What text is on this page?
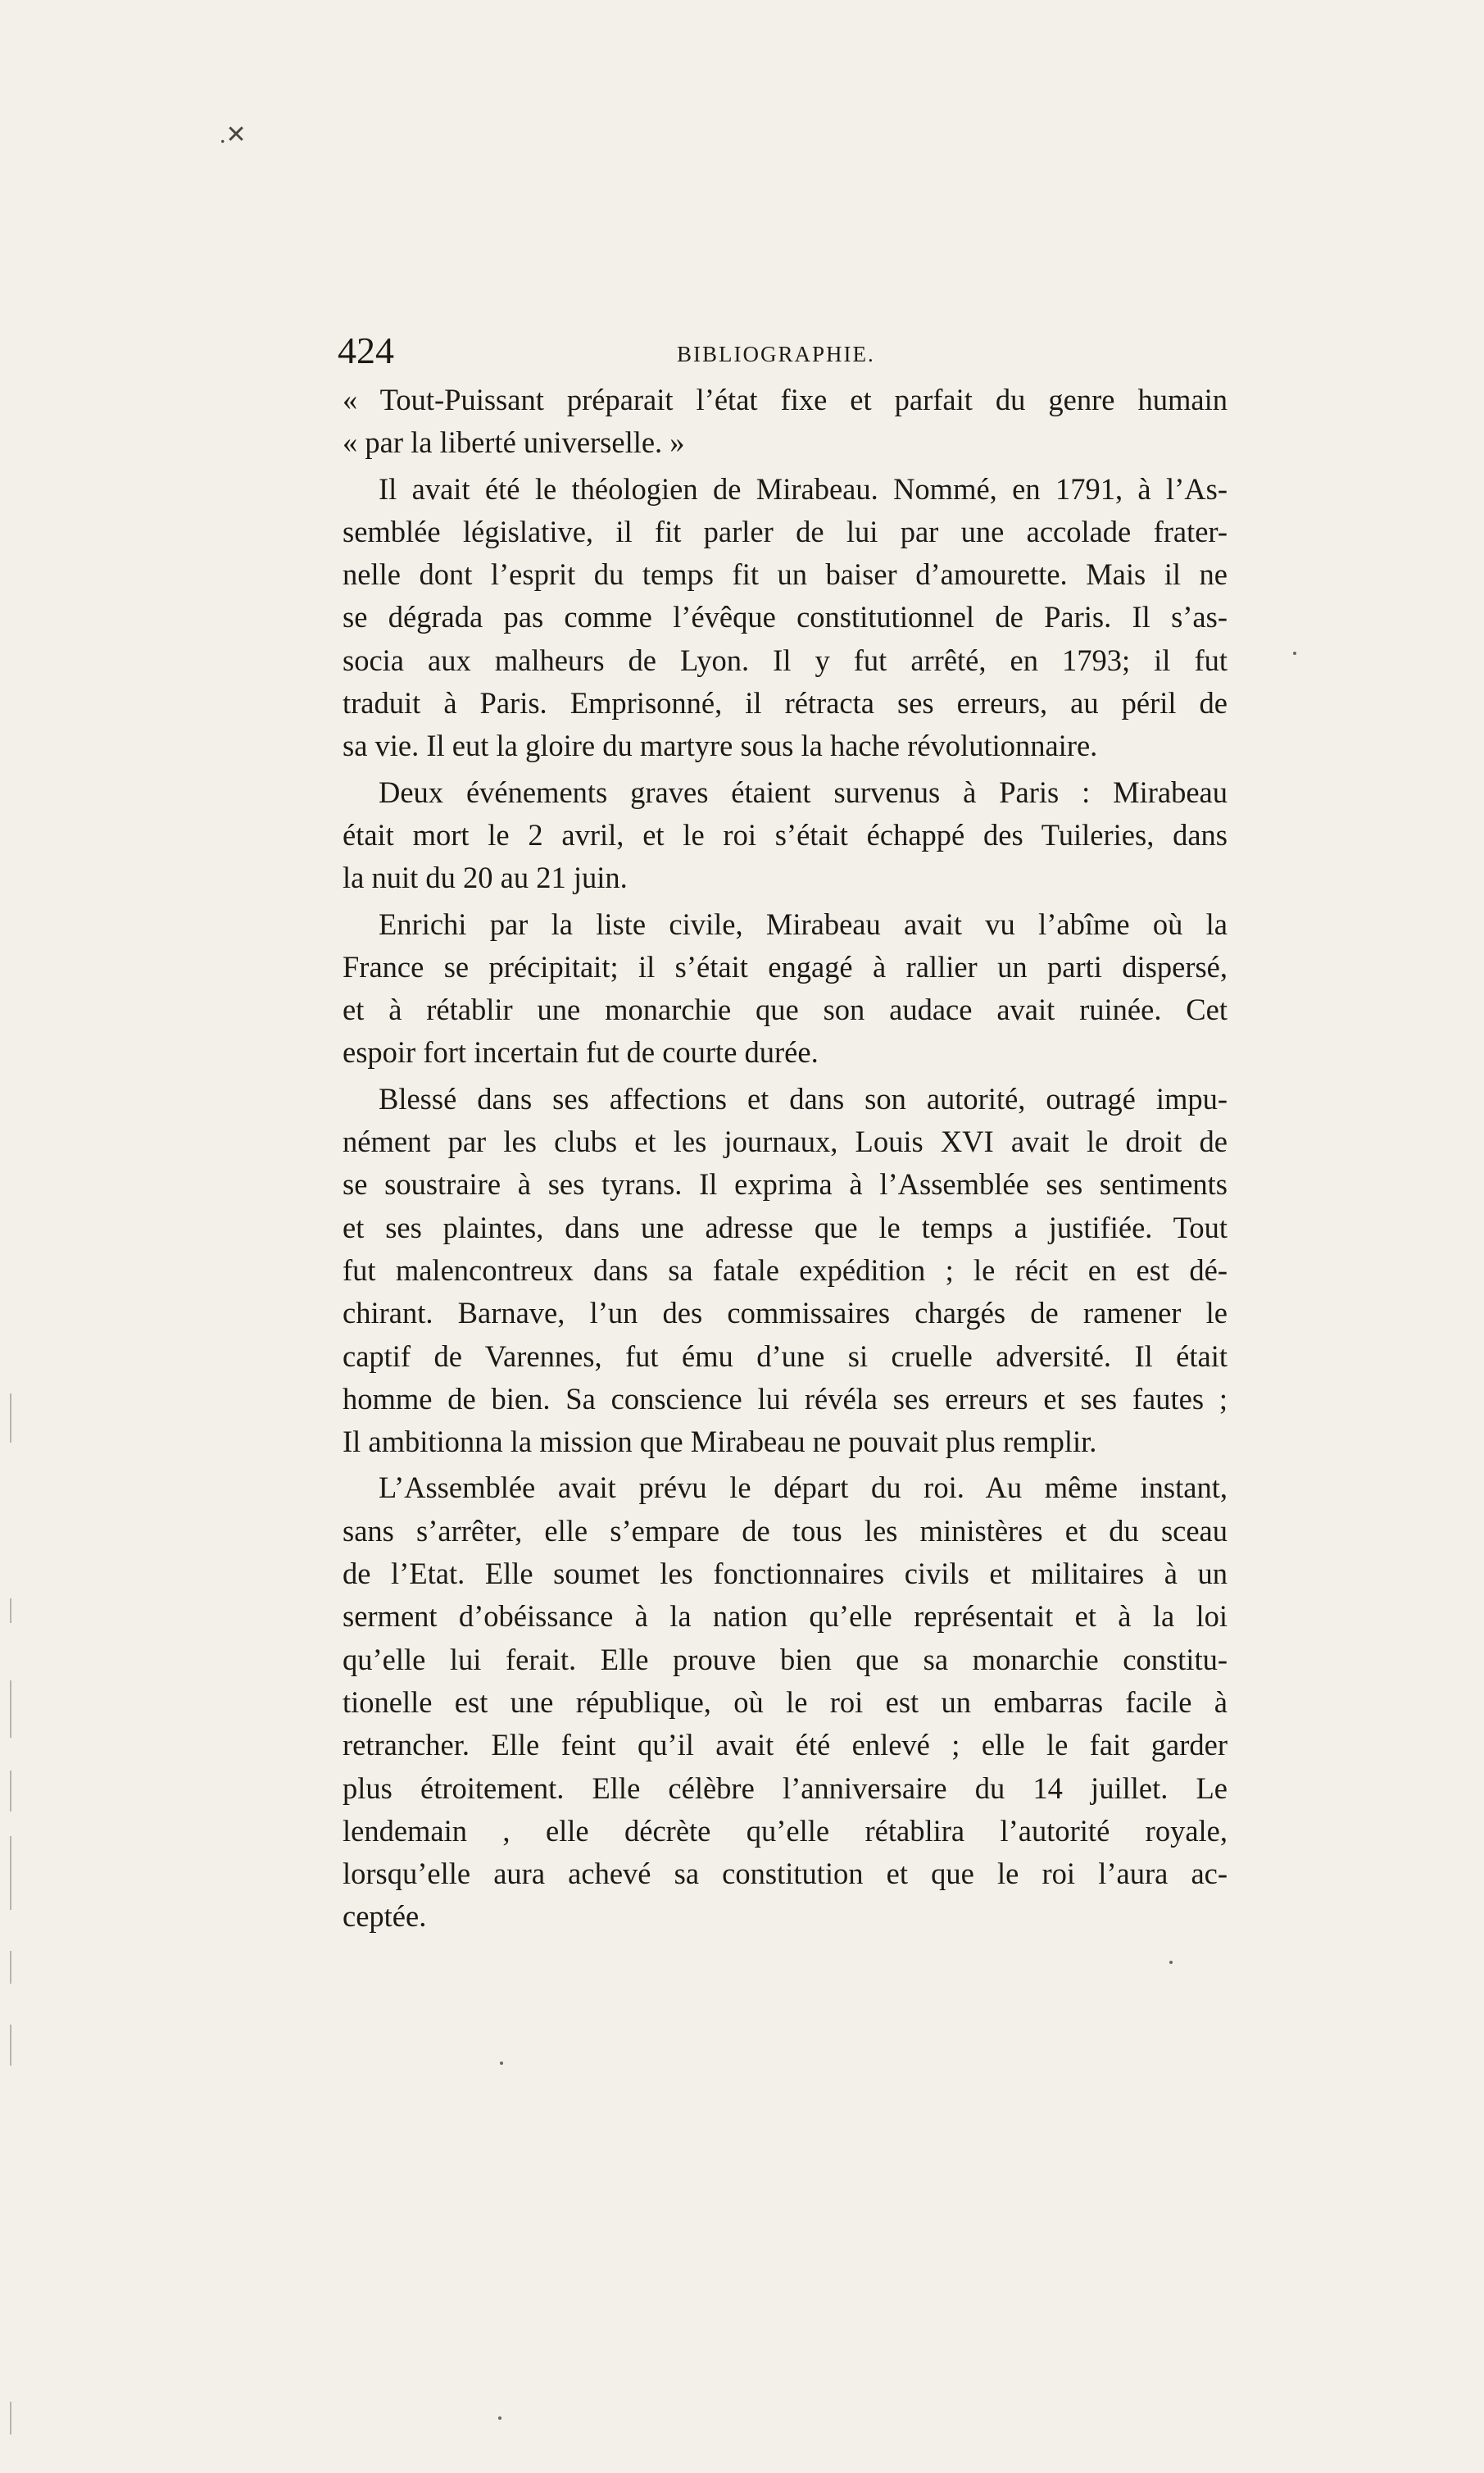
.✕
424	BIBLIOGRAPHIE.

« Tout-Puissant préparait l’état fixe et parfait du genre humain
« par la liberté universelle. »

Il avait été le théologien de Mirabeau. Nommé, en 1791, à l’As-
semblée législative, il fit parler de lui par une accolade frater-
nelle dont l’esprit du temps fit un baiser d’amourette. Mais il ne
se dégrada pas comme l’évêque constitutionnel de Paris. Il s’as-
socia aux malheurs de Lyon. Il y fut arrêté, en 1793; il fut
traduit à Paris. Emprisonné, il rétracta ses erreurs, au péril de
sa vie. Il eut la gloire du martyre sous la hache révolutionnaire.

Deux événements graves étaient survenus à Paris : Mirabeau
était mort le 2 avril, et le roi s’était échappé des Tuileries, dans
la nuit du 20 au 21 juin.

Enrichi par la liste civile, Mirabeau avait vu l’abîme où la
France se précipitait; il s’était engagé à rallier un parti dispersé,
et à rétablir une monarchie que son audace avait ruinée. Cet
espoir fort incertain fut de courte durée.

Blessé dans ses affections et dans son autorité, outragé impu-
nément par les clubs et les journaux, Louis XVI avait le droit de
se soustraire à ses tyrans. Il exprima à l’Assemblée ses sentiments
et ses plaintes, dans une adresse que le temps a justifiée. Tout
fut malencontreux dans sa fatale expédition ; le récit en est dé-
chirant. Barnave, l’un des commissaires chargés de ramener le
captif de Varennes, fut ému d’une si cruelle adversité. Il était
homme de bien. Sa conscience lui révéla ses erreurs et ses fautes ;
Il ambitionna la mission que Mirabeau ne pouvait plus remplir.

L’Assemblée avait prévu le départ du roi. Au même instant,
sans s’arrêter, elle s’empare de tous les ministères et du sceau
de l’Etat. Elle soumet les fonctionnaires civils et militaires à un
serment d’obéissance à la nation qu’elle représentait et à la loi
qu’elle lui ferait. Elle prouve bien que sa monarchie constitu-
tionelle est une république, où le roi est un embarras facile à
retrancher. Elle feint qu’il avait été enlevé ; elle le fait garder
plus étroitement. Elle célèbre l’anniversaire du 14 juillet. Le
lendemain , elle décrète qu’elle rétablira l’autorité royale,
lorsqu’elle aura achevé sa constitution et que le roi l’aura ac-
ceptée.
